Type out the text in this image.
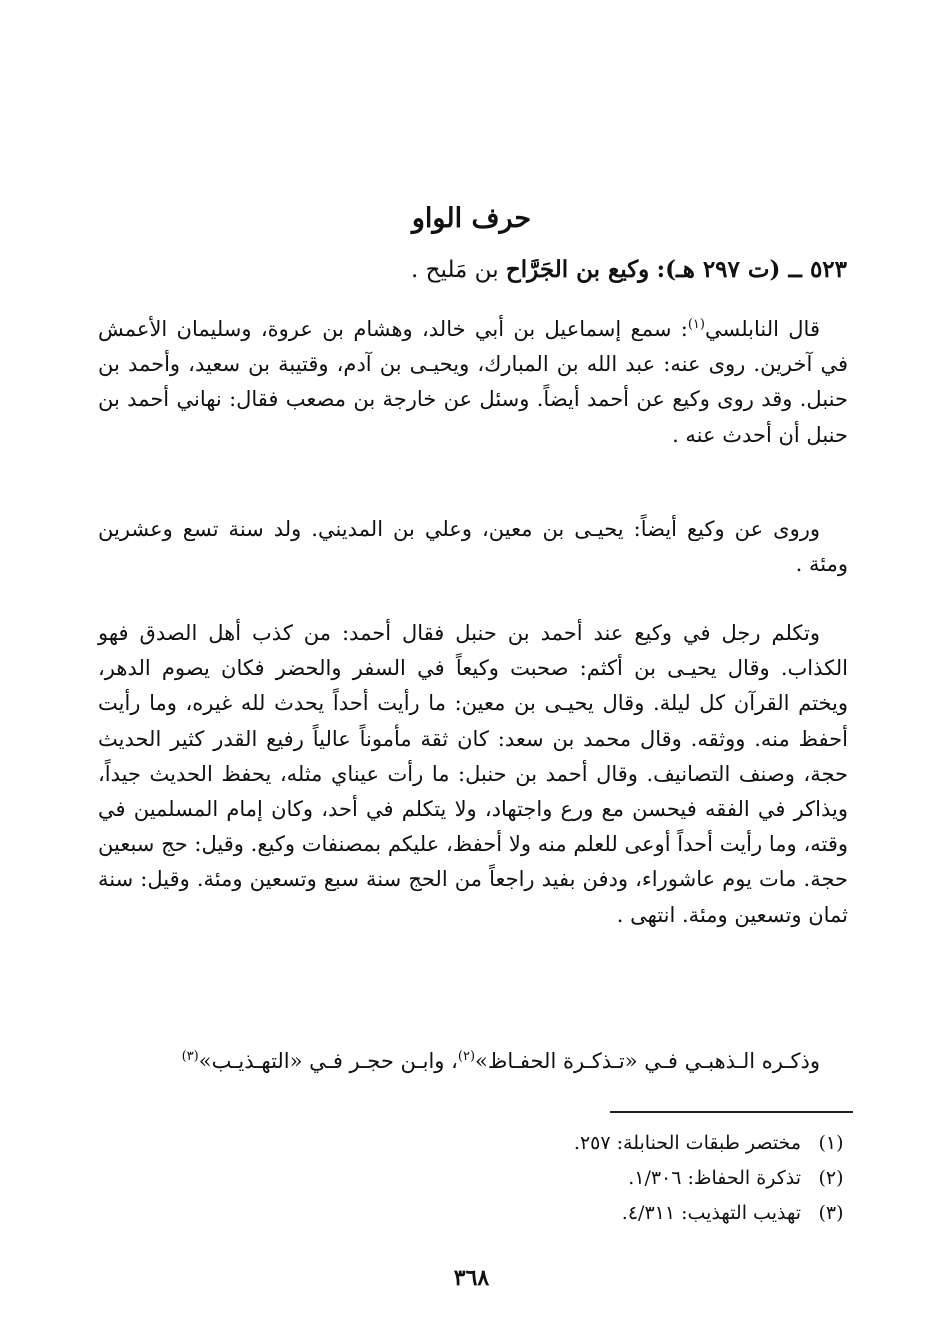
حرف الواو
٥٢٣ ــ (ت ٢٩٧ هـ): وكيع بن الجَرَّاح بن مَليح .

قال النابلسي$^{(١)}$: سمع إسماعيل بن أبي خالد، وهشام بن عروة، وسليمان الأعمش في آخرين. روى عنه: عبد الله بن المبارك، ويحيـى بن آدم، وقتيبة بن سعيد، وأحمد بن حنبل. وقد روى وكيع عن أحمد أيضاً. وسئل عن خارجة بن مصعب فقال: نهاني أحمد بن حنبل أن أحدث عنه .

وروى عن وكيع أيضاً: يحيـى بن معين، وعلي بن المديني. ولد سنة تسع وعشرين ومئة .

وتكلم رجل في وكيع عند أحمد بن حنبل فقال أحمد: من كذب أهل الصدق فهو الكذاب. وقال يحيـى بن أكثم: صحبت وكيعاً في السفر والحضر فكان يصوم الدهر، ويختم القرآن كل ليلة. وقال يحيـى بن معين: ما رأيت أحداً يحدث لله غيره، وما رأيت أحفظ منه. ووثقه. وقال محمد بن سعد: كان ثقة مأموناً عالياً رفيع القدر كثير الحديث حجة، وصنف التصانيف. وقال أحمد بن حنبل: ما رأت عيناي مثله، يحفظ الحديث جيداً، ويذاكر في الفقه فيحسن مع ورع واجتهاد، ولا يتكلم في أحد، وكان إمام المسلمين في وقته، وما رأيت أحداً أوعى للعلم منه ولا أحفظ، عليكم بمصنفات وكيع. وقيل: حج سبعين حجة. مات يوم عاشوراء، ودفن بفيد راجعاً من الحج سنة سبع وتسعين ومئة. وقيل: سنة ثمان وتسعين ومئة. انتهى .

وذكـره الـذهبـي فـي «تـذكـرة الحفـاظ»$^{(٢)}$، وابـن حجـر فـي «التهـذيـب»$^{(٣)}$

(١)
مختصر طبقات الحنابلة: ٢٥٧.
(٢)
تذكرة الحفاظ: ١/٣٠٦.
(٣)
تهذيب التهذيب: ٤/٣١١.
٣٦٨
